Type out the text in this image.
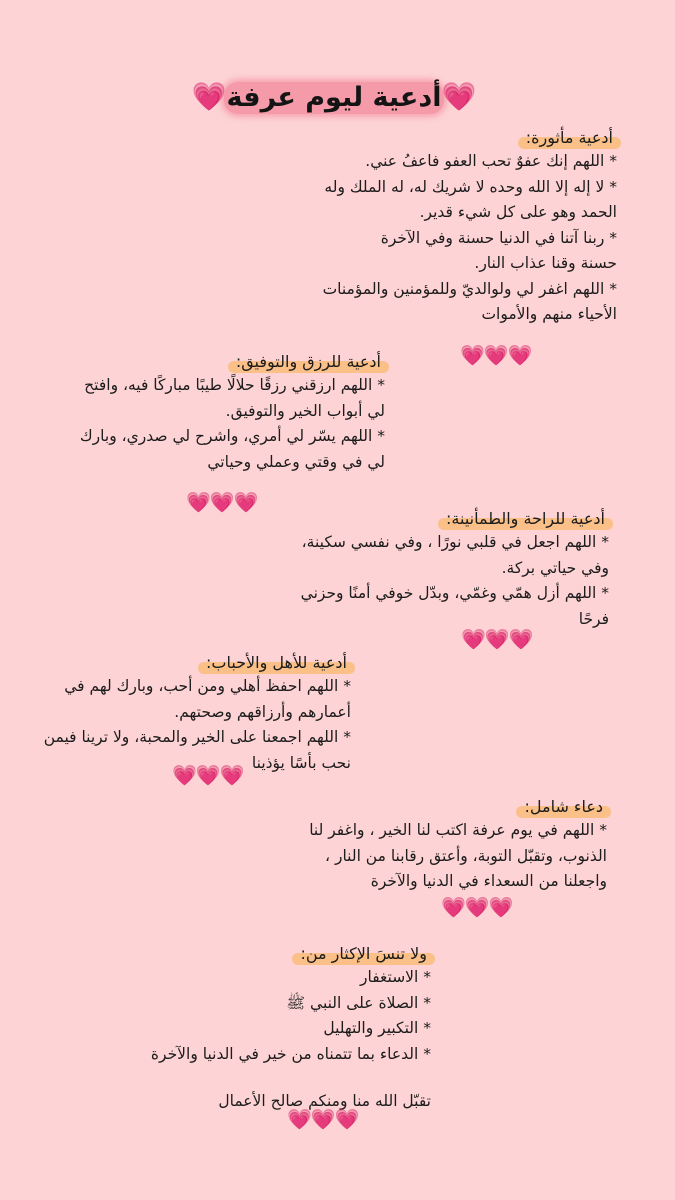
💗أدعية ليوم عرفة💗
أدعية مأثورة:
* اللهم إنك عفوٌ تحب العفو فاعفُ عني.
* لا إله إلا الله وحده لا شريك له، له الملك وله
الحمد وهو على كل شيء قدير.
* ربنا آتنا في الدنيا حسنة وفي الآخرة
حسنة وقنا عذاب النار.
* اللهم اغفر لي ولوالديّ وللمؤمنين والمؤمنات
الأحياء منهم والأموات
💗💗💗
أدعية للرزق والتوفيق:
* اللهم ارزقني رزقًا حلالًا طيبًا مباركًا فيه، وافتح
لي أبواب الخير والتوفيق.
* اللهم يسّر لي أمري، واشرح لي صدري، وبارك
لي في وقتي وعملي وحياتي
💗💗💗
أدعية للراحة والطمأنينة:
* اللهم اجعل في قلبي نورًا ، وفي نفسي سكينة،
وفي حياتي بركة.
* اللهم أزل همّي وغمّي، وبدّل خوفي أمنًا وحزني
فرحًا
💗💗💗
أدعية للأهل والأحباب:
* اللهم احفظ أهلي ومن أحب، وبارك لهم في
أعمارهم وأرزاقهم وصحتهم.
* اللهم اجمعنا على الخير والمحبة، ولا ترينا فيمن
نحب بأسًا يؤذينا
💗💗💗
دعاء شامل:
* اللهم في يوم عرفة اكتب لنا الخير ، واغفر لنا
الذنوب، وتقبّل التوبة، وأعتق رقابنا من النار ،
واجعلنا من السعداء في الدنيا والآخرة
💗💗💗
ولا تنسَ الإكثار من:
* الاستغفار
* الصلاة على النبي ﷺ
* التكبير والتهليل
* الدعاء بما تتمناه من خير في الدنيا والآخرة
تقبّل الله منا ومنكم صالح الأعمال
💗💗💗
